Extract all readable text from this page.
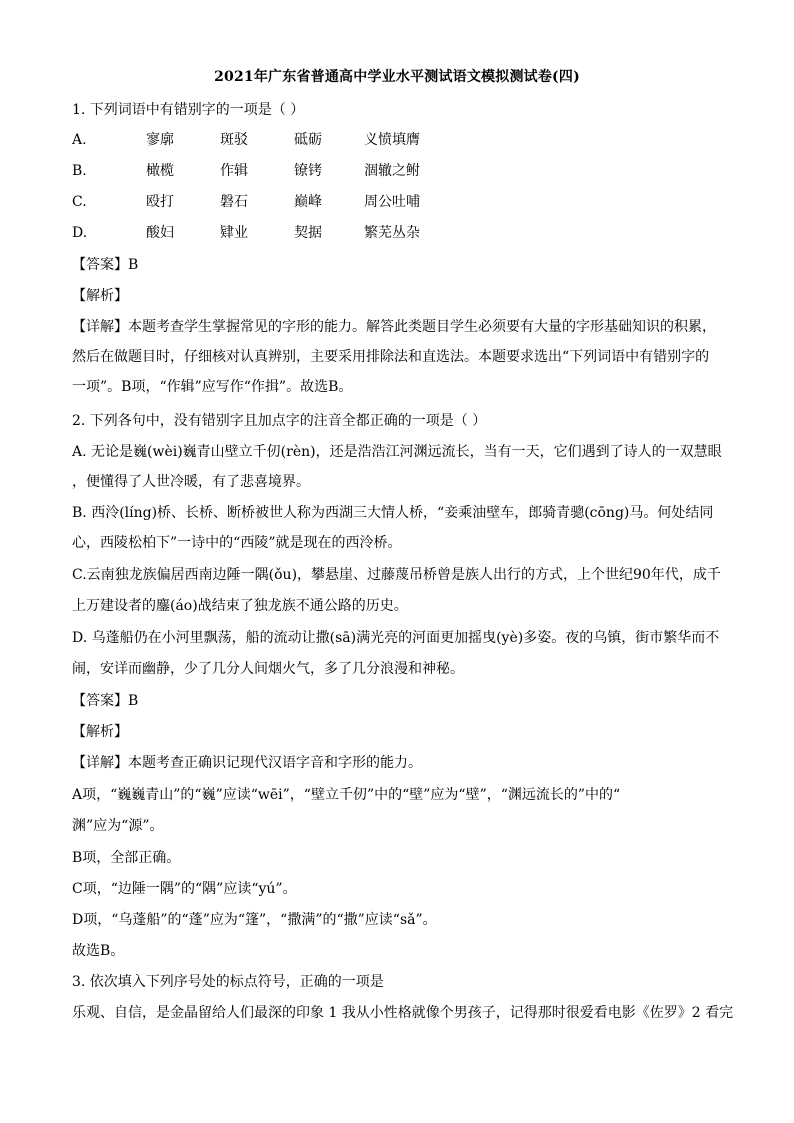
2021年广东省普通高中学业水平测试语文模拟测试卷(四)
1. 下列词语中有错别字的一项是（ ）
A.	寥廓	斑驳	砥砺	义愤填膺
B.	橄榄	作辑	镣铐	涸辙之鲋
C.	殴打	磐石	巅峰	周公吐哺
D.	酸妇	肄业	契据	繁芜丛杂
【答案】B
【解析】
【详解】本题考查学生掌握常见的字形的能力。解答此类题目学生必须要有大量的字形基础知识的积累，
然后在做题目时，仔细核对认真辨别，主要采用排除法和直选法。本题要求选出“下列词语中有错别字的
一项”。B项，“作辑”应写作“作揖”。故选B。
2. 下列各句中，没有错别字且加点字的注音全都正确的一项是（ ）
A. 无论是巍(wèi)巍青山壁立千仞(rèn)，还是浩浩江河渊远流长，当有一天，它们遇到了诗人的一双慧眼
，便懂得了人世冷暖，有了悲喜境界。
B. 西泠(líng)桥、长桥、断桥被世人称为西湖三大情人桥，“妾乘油壁车，郎骑青骢(cōng)马。何处结同
心，西陵松柏下”一诗中的“西陵”就是现在的西泠桥。
C.云南独龙族偏居西南边陲一隅(ǒu)，攀悬崖、过藤蔑吊桥曾是族人出行的方式，上个世纪90年代，成千
上万建设者的鏖(áo)战结束了独龙族不通公路的历史。
D. 乌蓬船仍在小河里飘荡，船的流动让撒(sā)满光亮的河面更加摇曳(yè)多姿。夜的乌镇，街市繁华而不
闹，安详而幽静，少了几分人间烟火气，多了几分浪漫和神秘。
【答案】B
【解析】
【详解】本题考查正确识记现代汉语字音和字形的能力。
A项，“巍巍青山”的“巍”应读“wēi”，“壁立千仞”中的“壁”应为“壁”，“渊远流长的”中的“
渊”应为“源”。
B项，全部正确。
C项，“边陲一隅”的“隅”应读“yú”。
D项，“乌蓬船”的“蓬”应为“篷”，“撒满”的“撒”应读“sǎ”。
故选B。
3. 依次填入下列序号处的标点符号，正确的一项是
乐观、自信，是金晶留给人们最深的印象 1 我从小性格就像个男孩子，记得那时很爱看电影《佐罗》2 看完
